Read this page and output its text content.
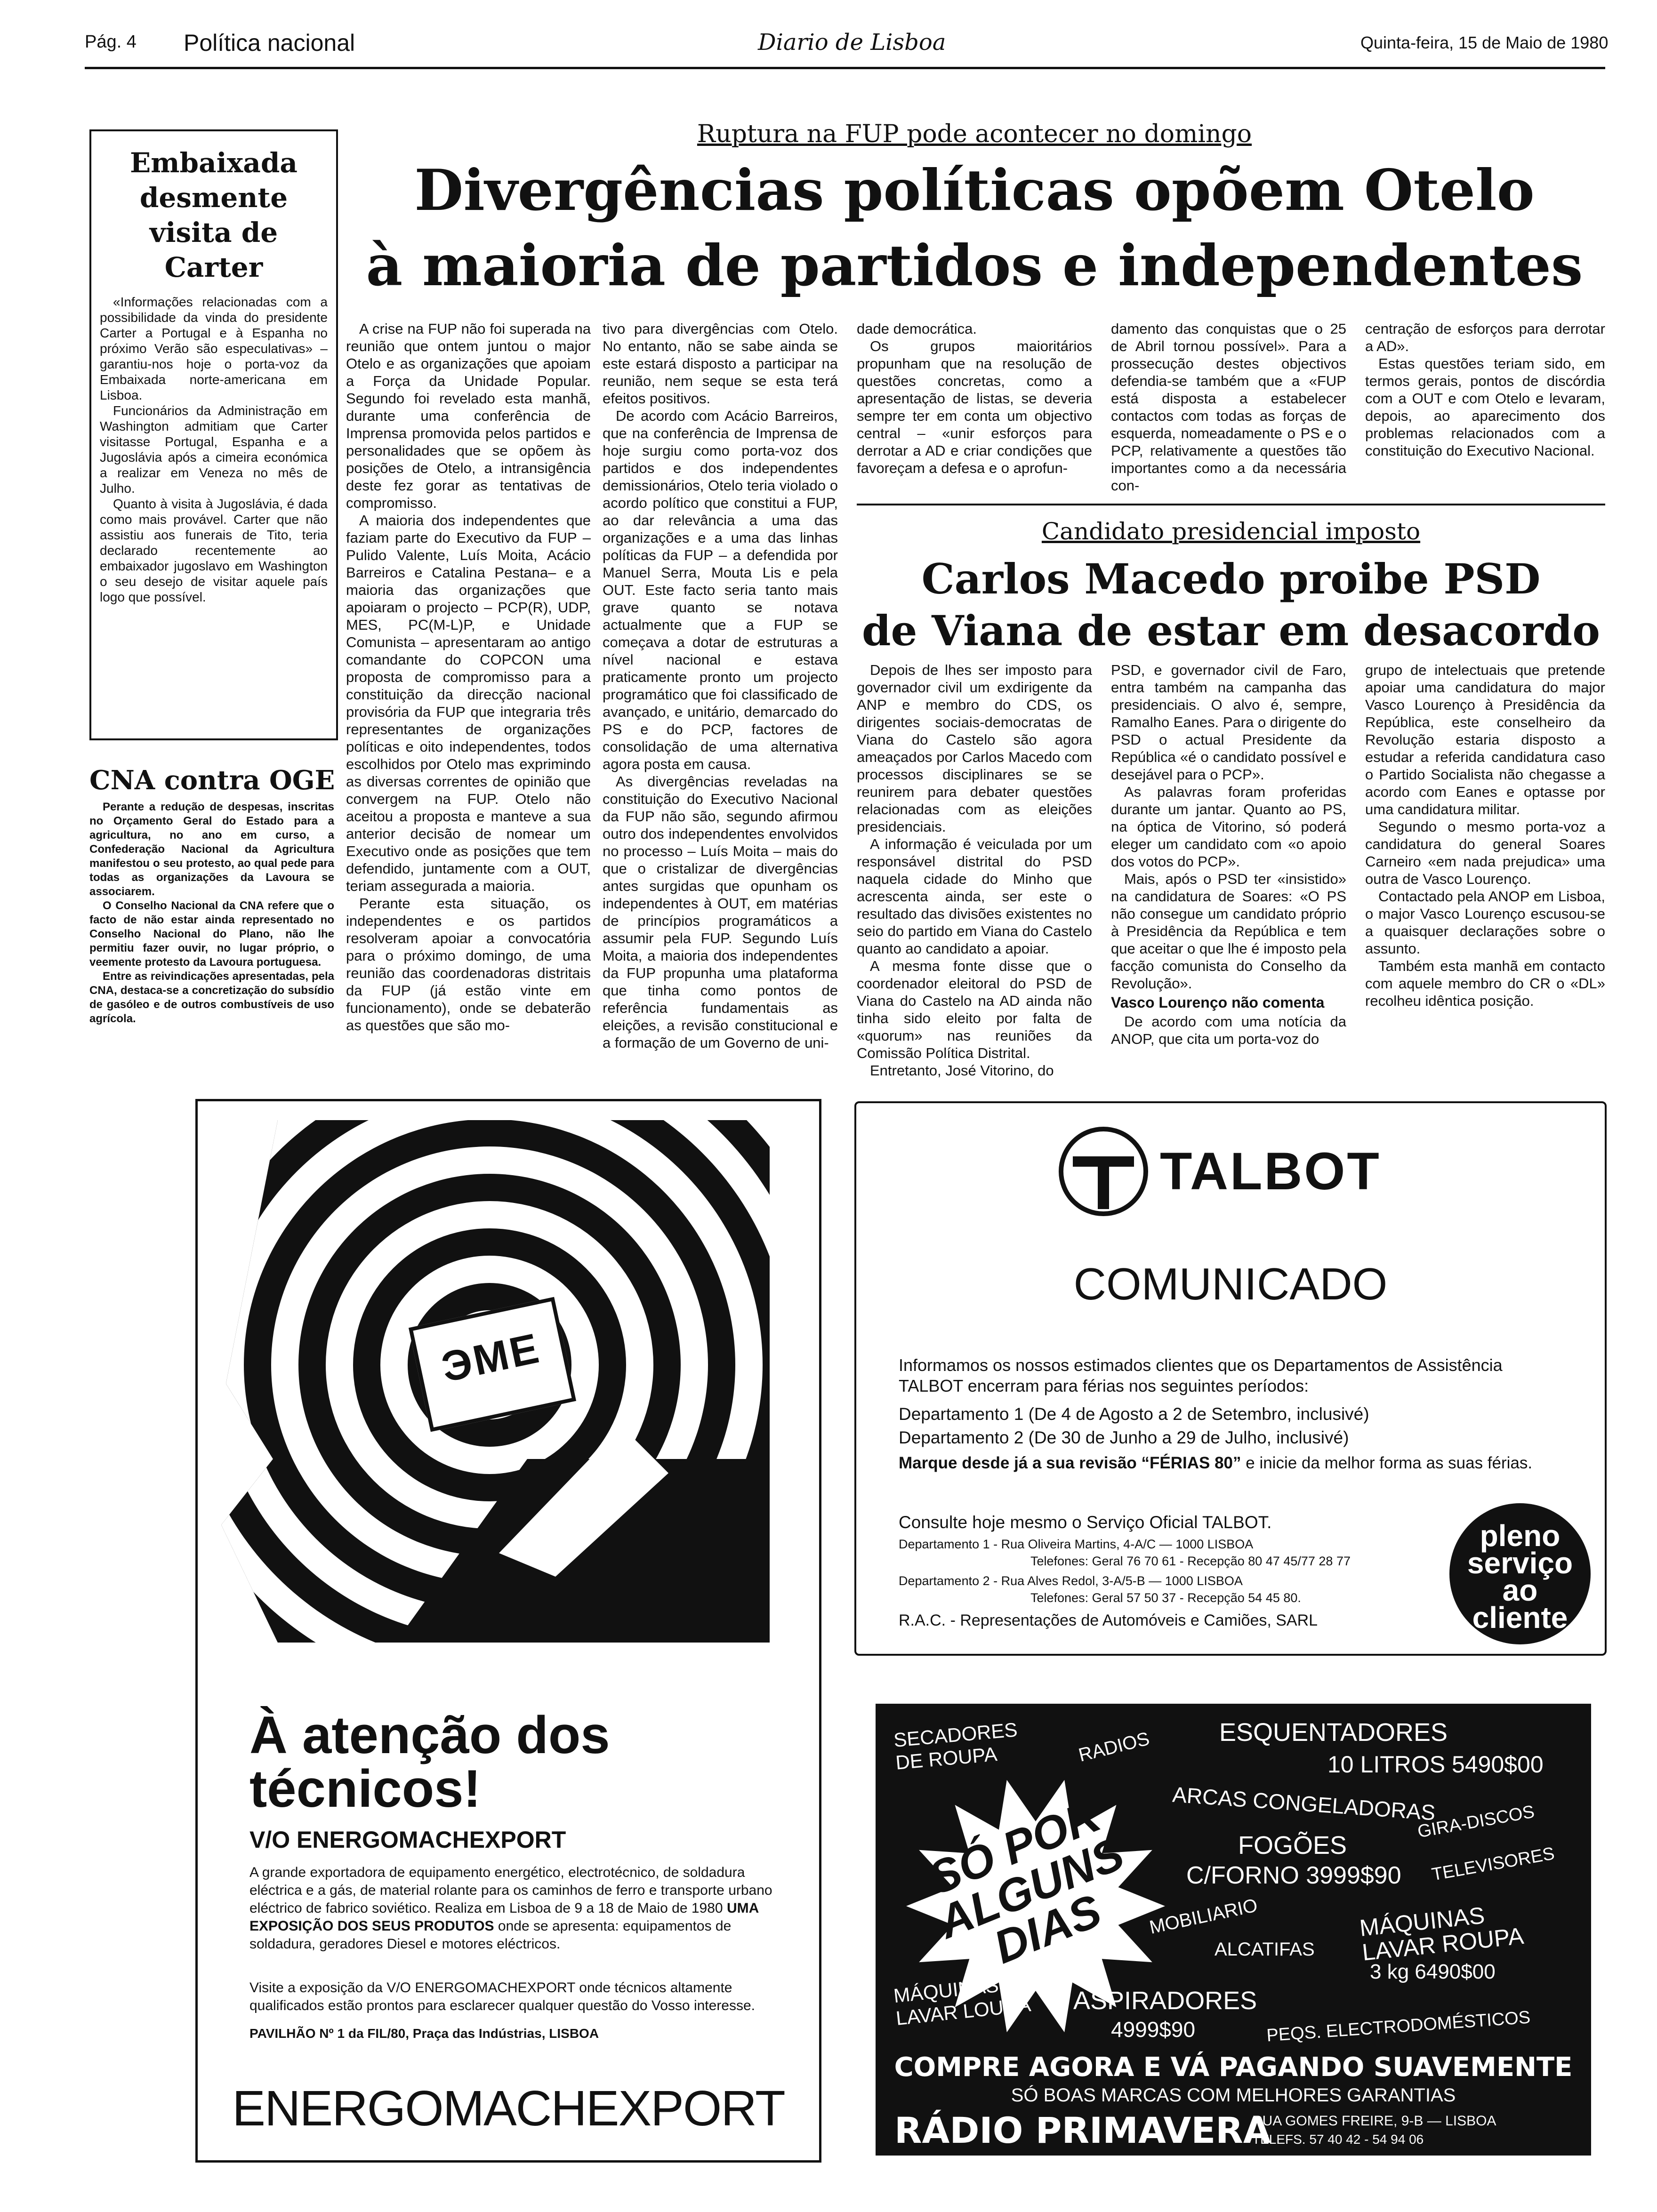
Pág. 4 Política nacional	Diario de Lisboa	Quinta-feira, 15 de Maio de 1980
Embaixada desmente visita de Carter

«Informações relacionadas com a possibilidade da vinda do presidente Carter a Portugal e à Espanha no próximo Verão são especulativas» – garantiu-nos hoje o porta-voz da Embaixada norte-americana em Lisboa.

Funcionários da Administração em Washington admitiam que Carter visitasse Portugal, Espanha e a Jugoslávia após a cimeira económica a realizar em Veneza no mês de Julho.

Quanto à visita à Jugoslávia, é dada como mais provável. Carter que não assistiu aos funerais de Tito, teria declarado recentemente ao embaixador jugoslavo em Washington o seu desejo de visitar aquele país logo que possível.

CNA contra OGE

Perante a redução de despesas, inscritas no Orçamento Geral do Estado para a agricultura, no ano em curso, a Confederação Nacional da Agricultura manifestou o seu protesto, ao qual pede para todas as organizações da Lavoura se associarem.

O Conselho Nacional da CNA refere que o facto de não estar ainda representado no Conselho Nacional do Plano, não lhe permitiu fazer ouvir, no lugar próprio, o veemente protesto da Lavoura portuguesa.

Entre as reivindicações apresentadas, pela CNA, destaca-se a concretização do subsídio de gasóleo e de outros combustíveis de uso agrícola.

Ruptura na FUP pode acontecer no domingo
Divergências políticas opõem Otelo
à maioria de partidos e independentes

A crise na FUP não foi superada na reunião que ontem juntou o major Otelo e as organizações que apoiam a Força da Unidade Popular. Segundo foi revelado esta manhã, durante uma conferência de Imprensa promovida pelos partidos e personalidades que se opõem às posições de Otelo, a intransigência deste fez gorar as tentativas de compromisso.

A maioria dos independentes que faziam parte do Executivo da FUP – Pulido Valente, Luís Moita, Acácio Barreiros e Catalina Pestana– e a maioria das organizações que apoiaram o projecto – PCP(R), UDP, MES, PC(M-L)P, e Unidade Comunista – apresentaram ao antigo comandante do COPCON uma proposta de compromisso para a constituição da direcção nacional provisória da FUP que integraria três representantes de organizações políticas e oito independentes, todos escolhidos por Otelo mas exprimindo as diversas correntes de opinião que convergem na FUP. Otelo não aceitou a proposta e manteve a sua anterior decisão de nomear um Executivo onde as posições que tem defendido, juntamente com a OUT, teriam assegurada a maioria.

Perante esta situação, os independentes e os partidos resolveram apoiar a convocatória para o próximo domingo, de uma reunião das coordenadoras distritais da FUP (já estão vinte em funcionamento), onde se debaterão as questões que são mo-

tivo para divergências com Otelo. No entanto, não se sabe ainda se este estará disposto a participar na reunião, nem seque se esta terá efeitos positivos.

De acordo com Acácio Barreiros, que na conferência de Imprensa de hoje surgiu como porta-voz dos partidos e dos independentes demissionários, Otelo teria violado o acordo político que constitui a FUP, ao dar relevância a uma das organizações e a uma das linhas políticas da FUP – a defendida por Manuel Serra, Mouta Lis e pela OUT. Este facto seria tanto mais grave quanto se notava actualmente que a FUP se começava a dotar de estruturas a nível nacional e estava praticamente pronto um projecto programático que foi classificado de avançado, e unitário, demarcado do PS e do PCP, factores de consolidação de uma alternativa agora posta em causa.

As divergências reveladas na constituição do Executivo Nacional da FUP não são, segundo afirmou outro dos independentes envolvidos no processo – Luís Moita – mais do que o cristalizar de divergências antes surgidas que opunham os independentes à OUT, em matérias de princípios programáticos a assumir pela FUP. Segundo Luís Moita, a maioria dos independentes da FUP propunha uma plataforma que tinha como pontos de referência fundamentais as eleições, a revisão constitucional e a formação de um Governo de uni-

dade democrática.

Os grupos maioritários propunham que na resolução de questões concretas, como a apresentação de listas, se deveria sempre ter em conta um objectivo central – «unir esforços para derrotar a AD e criar condições que favoreçam a defesa e o aprofun-

damento das conquistas que o 25 de Abril tornou possível». Para a prossecução destes objectivos defendia-se também que a «FUP está disposta a estabelecer contactos com todas as forças de esquerda, nomeadamente o PS e o PCP, relativamente a questões tão importantes como a da necessária con-

centração de esforços para derrotar a AD».

Estas questões teriam sido, em termos gerais, pontos de discórdia com a OUT e com Otelo e levaram, depois, ao aparecimento dos problemas relacionados com a constituição do Executivo Nacional.

Candidato presidencial imposto
Carlos Macedo proibe PSD
de Viana de estar em desacordo

Depois de lhes ser imposto para governador civil um exdirigente da ANP e membro do CDS, os dirigentes sociais-democratas de Viana do Castelo são agora ameaçados por Carlos Macedo com processos disciplinares se se reunirem para debater questões relacionadas com as eleições presidenciais.

A informação é veiculada por um responsável distrital do PSD naquela cidade do Minho que acrescenta ainda, ser este o resultado das divisões existentes no seio do partido em Viana do Castelo quanto ao candidato a apoiar.

A mesma fonte disse que o coordenador eleitoral do PSD de Viana do Castelo na AD ainda não tinha sido eleito por falta de «quorum» nas reuniões da Comissão Política Distrital.

Entretanto, José Vitorino, do

PSD, e governador civil de Faro, entra também na campanha das presidenciais. O alvo é, sempre, Ramalho Eanes. Para o dirigente do PSD o actual Presidente da República «é o candidato possível e desejável para o PCP».

As palavras foram proferidas durante um jantar. Quanto ao PS, na óptica de Vitorino, só poderá eleger um candidato com «o apoio dos votos do PCP».

Mais, após o PSD ter «insistido» na candidatura de Soares: «O PS não consegue um candidato próprio à Presidência da República e tem que aceitar o que lhe é imposto pela facção comunista do Conselho da Revolução».

Vasco Lourenço não comenta

De acordo com uma notícia da ANOP, que cita um porta-voz do

grupo de intelectuais que pretende apoiar uma candidatura do major Vasco Lourenço à Presidência da República, este conselheiro da Revolução estaria disposto a estudar a referida candidatura caso o Partido Socialista não chegasse a acordo com Eanes e optasse por uma candidatura militar.

Segundo o mesmo porta-voz a candidatura do general Soares Carneiro «em nada prejudica» uma outra de Vasco Lourenço.

Contactado pela ANOP em Lisboa, o major Vasco Lourenço escusou-se a quaisquer declarações sobre o assunto.

Também esta manhã em contacto com aquele membro do CR o «DL» recolheu idêntica posição.

ЭМЕ
À atenção dos técnicos!
V/O ENERGOMACHEXPORT
A grande exportadora de equipamento energético, electrotécnico, de soldadura eléctrica e a gás, de material rolante para os caminhos de ferro e transporte urbano eléctrico de fabrico soviético. Realiza em Lisboa de 9 a 18 de Maio de 1980 UMA EXPOSIÇÃO DOS SEUS PRODUTOS onde se apresenta: equipamentos de soldadura, geradores Diesel e motores eléctricos.
Visite a exposição da V/O ENERGOMACHEXPORT onde técnicos altamente qualificados estão prontos para esclarecer qualquer questão do Vosso interesse.
PAVILHÃO Nº 1 da FIL/80, Praça das Indústrias, LISBOA
ENERGOMACHEXPORT
TALBOT
COMUNICADO
Informamos os nossos estimados clientes que os Departamentos de Assistência TALBOT encerram para férias nos seguintes períodos:
Departamento 1 (De 4 de Agosto a 2 de Setembro, inclusivé)
Departamento 2 (De 30 de Junho a 29 de Julho, inclusivé)
Marque desde já a sua revisão “FÉRIAS 80” e inicie da melhor forma as suas férias.
Consulte hoje mesmo o Serviço Oficial TALBOT.
Departamento 1 - Rua Oliveira Martins, 4-A/C — 1000 LISBOA
Telefones: Geral 76 70 61 - Recepção 80 47 45/77 28 77
Departamento 2 - Rua Alves Redol, 3-A/5-B — 1000 LISBOA
Telefones: Geral 57 50 37 - Recepção 54 45 80.
R.A.C. - Representações de Automóveis e Camiões, SARL
pleno
serviço
ao
cliente
SECADORES DE ROUPA	RADIOS	ESQUENTADORES
10 LITROS 5490$00
ARCAS CONGELADORAS
FOGÕES
C/FORNO 3999$90
GIRA-DISCOS
TELEVISORES
SÓ POR ALGUNS DIAS	MOBILIARIO
ALCATIFAS
MÁQUINAS LAVAR ROUPA
3 kg 6490$00
MÁQUINAS LAVAR LOUÇA	ASPIRADORES
4999$90	PEQS. ELECTRODOMÉSTICOS
COMPRE AGORA E VÁ PAGANDO SUAVEMENTE
SÓ BOAS MARCAS COM MELHORES GARANTIAS
RÁDIO PRIMAVERA
RUA GOMES FREIRE, 9-B — LISBOA
TELEFS. 57 40 42 - 54 94 06
